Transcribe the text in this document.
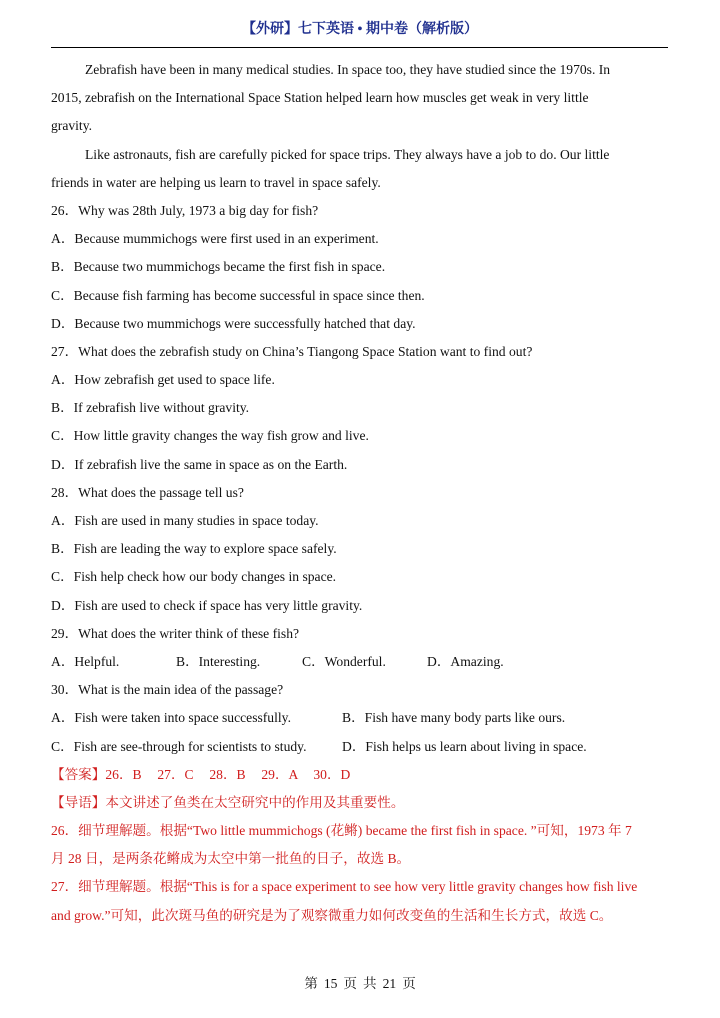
【外研】七下英语 • 期中卷（解析版）
Zebrafish have been in many medical studies. In space too, they have studied since the 1970s. In
2015, zebrafish on the International Space Station helped learn how muscles get weak in very little
gravity.
Like astronauts, fish are carefully picked for space trips. They always have a job to do. Our little
friends in water are helping us learn to travel in space safely.
26．Why was 28th July, 1973 a big day for fish?
A．Because mummichogs were first used in an experiment.
B．Because two mummichogs became the first fish in space.
C．Because fish farming has become successful in space since then.
D．Because two mummichogs were successfully hatched that day.
27．What does the zebrafish study on China’s Tiangong Space Station want to find out?
A．How zebrafish get used to space life.
B．If zebrafish live without gravity.
C．How little gravity changes the way fish grow and live.
D．If zebrafish live the same in space as on the Earth.
28．What does the passage tell us?
A．Fish are used in many studies in space today.
B．Fish are leading the way to explore space safely.
C．Fish help check how our body changes in space.
D．Fish are used to check if space has very little gravity.
29．What does the writer think of these fish?
A．Helpful.	B．Interesting.	C．Wonderful.	D．Amazing.
30．What is the main idea of the passage?
A．Fish were taken into space successfully.	B．Fish have many body parts like ours.
C．Fish are see-through for scientists to study.	D．Fish helps us learn about living in space.
【答案】26．B 27．C 28．B 29．A 30．D
【导语】本文讲述了鱼类在太空研究中的作用及其重要性。
26．细节理解题。根据“Two little mummichogs (花鳉) became the first fish in space. ”可知，1973 年 7
月 28 日，是两条花鳉成为太空中第一批鱼的日子，故选 B。
27．细节理解题。根据“This is for a space experiment to see how very little gravity changes how fish live
and grow.”可知，此次斑马鱼的研究是为了观察微重力如何改变鱼的生活和生长方式，故选 C。
第 15 页 共 21 页
